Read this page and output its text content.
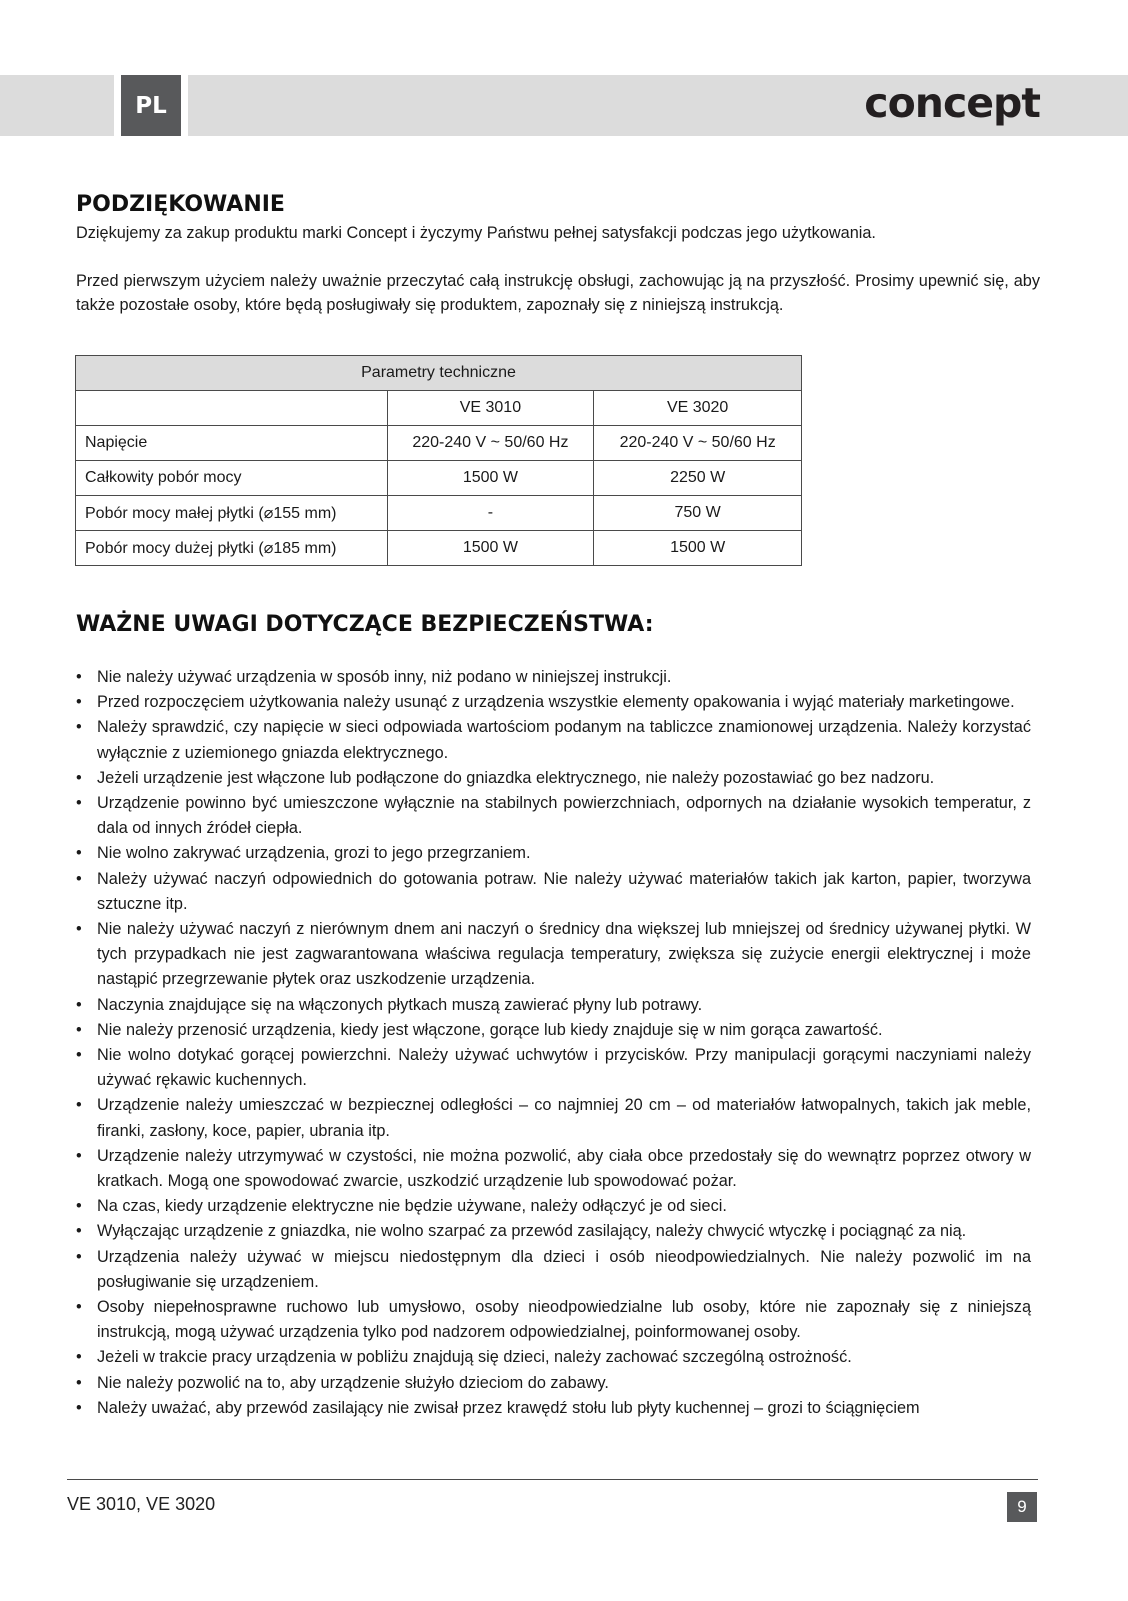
PL	concept
PODZIĘKOWANIE

Dziękujemy za zakup produktu marki Concept i życzymy Państwu pełnej satysfakcji podczas jego użytkowania.

Przed pierwszym użyciem należy uważnie przeczytać całą instrukcję obsługi, zachowując ją na przyszłość. Prosimy upewnić się, aby także pozostałe osoby, które będą posługiwały się produktem, zapoznały się z niniejszą instrukcją.

Parametry techniczne		
	VE 3010	VE 3020
Napięcie	220-240 V ~ 50/60 Hz	220-240 V ~ 50/60 Hz
Całkowity pobór mocy	1500 W	2250 W
Pobór mocy małej płytki (⌀155 mm)	-	750 W
Pobór mocy dużej płytki (⌀185 mm)	1500 W	1500 W
WAŻNE UWAGI DOTYCZĄCE BEZPIECZEŃSTWA:
• Nie należy używać urządzenia w sposób inny, niż podano w niniejszej instrukcji.
• Przed rozpoczęciem użytkowania należy usunąć z urządzenia wszystkie elementy opakowania i wyjąć materiały marketingowe.
• Należy sprawdzić, czy napięcie w sieci odpowiada wartościom podanym na tabliczce znamionowej urządzenia. Należy korzystać wyłącznie z uziemionego gniazda elektrycznego.
• Jeżeli urządzenie jest włączone lub podłączone do gniazdka elektrycznego, nie należy pozostawiać go bez nadzoru.
• Urządzenie powinno być umieszczone wyłącznie na stabilnych powierzchniach, odpornych na działanie wysokich temperatur, z dala od innych źródeł ciepła.
• Nie wolno zakrywać urządzenia, grozi to jego przegrzaniem.
• Należy używać naczyń odpowiednich do gotowania potraw. Nie należy używać materiałów takich jak karton, papier, tworzywa sztuczne itp.
• Nie należy używać naczyń z nierównym dnem ani naczyń o średnicy dna większej lub mniejszej od średnicy używanej płytki. W tych przypadkach nie jest zagwarantowana właściwa regulacja temperatury, zwiększa się zużycie energii elektrycznej i może nastąpić przegrzewanie płytek oraz uszkodzenie urządzenia.
• Naczynia znajdujące się na włączonych płytkach muszą zawierać płyny lub potrawy.
• Nie należy przenosić urządzenia, kiedy jest włączone, gorące lub kiedy znajduje się w nim gorąca zawartość.
• Nie wolno dotykać gorącej powierzchni. Należy używać uchwytów i przycisków. Przy manipulacji gorącymi naczyniami należy używać rękawic kuchennych.
• Urządzenie należy umieszczać w bezpiecznej odległości – co najmniej 20 cm – od materiałów łatwopalnych, takich jak meble, firanki, zasłony, koce, papier, ubrania itp.
• Urządzenie należy utrzymywać w czystości, nie można pozwolić, aby ciała obce przedostały się do wewnątrz poprzez otwory w kratkach. Mogą one spowodować zwarcie, uszkodzić urządzenie lub spowodować pożar.
• Na czas, kiedy urządzenie elektryczne nie będzie używane, należy odłączyć je od sieci.
• Wyłączając urządzenie z gniazdka, nie wolno szarpać za przewód zasilający, należy chwycić wtyczkę i pociągnąć za nią.
• Urządzenia należy używać w miejscu niedostępnym dla dzieci i osób nieodpowiedzialnych. Nie należy pozwolić im na posługiwanie się urządzeniem.
• Osoby niepełnosprawne ruchowo lub umysłowo, osoby nieodpowiedzialne lub osoby, które nie zapoznały się z niniejszą instrukcją, mogą używać urządzenia tylko pod nadzorem odpowiedzialnej, poinformowanej osoby.
• Jeżeli w trakcie pracy urządzenia w pobliżu znajdują się dzieci, należy zachować szczególną ostrożność.
• Nie należy pozwolić na to, aby urządzenie służyło dzieciom do zabawy.
• Należy uważać, aby przewód zasilający nie zwisał przez krawędź stołu lub płyty kuchennej – grozi to ściągnięciem
VE 3010, VE 3020	9
